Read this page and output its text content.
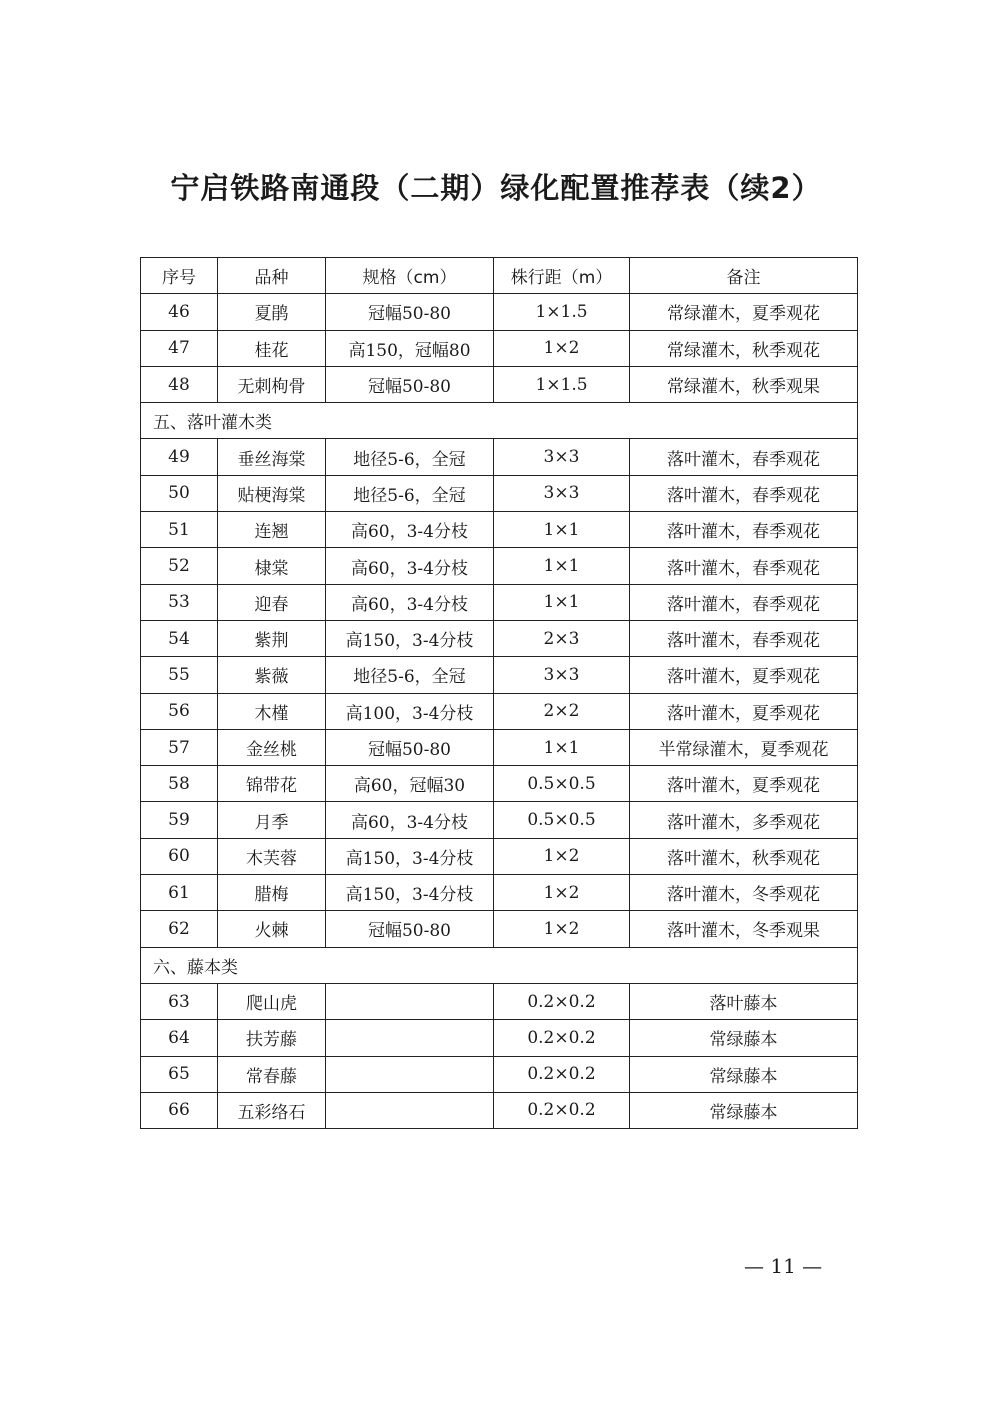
宁启铁路南通段（二期）绿化配置推荐表（续2）
序号	品种	规格（cm）	株行距（m）	备注
46	夏鹃	冠幅50-80	1×1.5	常绿灌木，夏季观花
47	桂花	高150，冠幅80	1×2	常绿灌木，秋季观花
48	无刺枸骨	冠幅50-80	1×1.5	常绿灌木，秋季观果
五、落叶灌木类				
49	垂丝海棠	地径5-6，全冠	3×3	落叶灌木，春季观花
50	贴梗海棠	地径5-6，全冠	3×3	落叶灌木，春季观花
51	连翘	高60，3-4分枝	1×1	落叶灌木，春季观花
52	棣棠	高60，3-4分枝	1×1	落叶灌木，春季观花
53	迎春	高60，3-4分枝	1×1	落叶灌木，春季观花
54	紫荆	高150，3-4分枝	2×3	落叶灌木，春季观花
55	紫薇	地径5-6，全冠	3×3	落叶灌木，夏季观花
56	木槿	高100，3-4分枝	2×2	落叶灌木，夏季观花
57	金丝桃	冠幅50-80	1×1	半常绿灌木，夏季观花
58	锦带花	高60，冠幅30	0.5×0.5	落叶灌木，夏季观花
59	月季	高60，3-4分枝	0.5×0.5	落叶灌木，多季观花
60	木芙蓉	高150，3-4分枝	1×2	落叶灌木，秋季观花
61	腊梅	高150，3-4分枝	1×2	落叶灌木，冬季观花
62	火棘	冠幅50-80	1×2	落叶灌木，冬季观果
六、藤本类				
63	爬山虎		0.2×0.2	落叶藤本
64	扶芳藤		0.2×0.2	常绿藤本
65	常春藤		0.2×0.2	常绿藤本
66	五彩络石		0.2×0.2	常绿藤本
— 11 —
